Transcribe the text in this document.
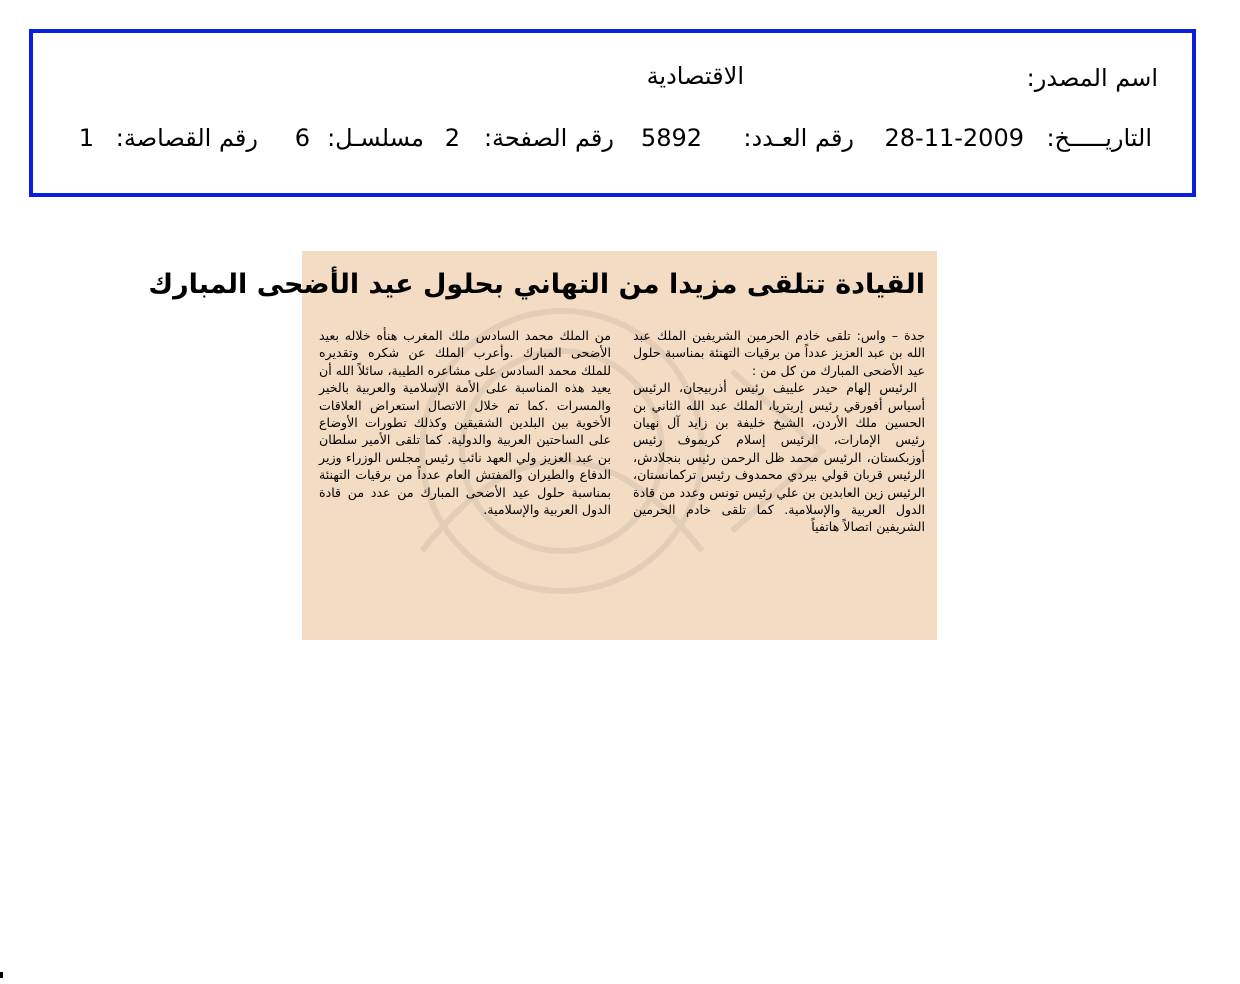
اسم المصدر:
الاقتصادية
التاريـــــخ:
28-11-2009
رقم العـدد:
5892
رقم الصفحة:
2
مسلسـل:
6
رقم القصاصة:
1
القيادة تتلقى مزيدا من التهاني بحلول عيد الأضحى المبارك

جدة – واس: تلقى خادم الحرمين الشريفين الملك عبد الله بن عبد العزيز عدداً من برقيات التهنئة بمناسبة حلول عيد الأضحى المبارك من كل من :

الرئيس إلهام حيدر علييف رئيس أذربيجان، الرئيس أسياس أفورقي رئيس إريتريا، الملك عبد الله الثاني بن الحسين ملك الأردن، الشيخ خليفة بن زايد آل نهيان رئيس الإمارات، الرئيس إسلام كريموف رئيس أوزبكستان، الرئيس محمد ظل الرحمن رئيس بنجلادش، الرئيس قربان قولي بيردي محمدوف رئيس تركمانستان، الرئيس زين العابدين بن علي رئيس تونس وعدد من قادة الدول العربية والإسلامية. كما تلقى خادم الحرمين الشريفين اتصالاً هاتفياً

من الملك محمد السادس ملك المغرب هنأه خلاله بعيد الأضحى المبارك .وأعرب الملك عن شكره وتقديره للملك محمد السادس على مشاعره الطيبة، سائلاً الله أن يعيد هذه المناسبة على الأمة الإسلامية والعربية بالخير والمسرات .كما تم خلال الاتصال استعراض العلاقات الأخوية بين البلدين الشقيقين وكذلك تطورات الأوضاع على الساحتين العربية والدولية. كما تلقى الأمير سلطان بن عبد العزيز ولي العهد نائب رئيس مجلس الوزراء وزير الدفاع والطيران والمفتش العام عدداً من برقيات التهنئة بمناسبة حلول عيد الأضحى المبارك من عدد من قادة الدول العربية والإسلامية.
